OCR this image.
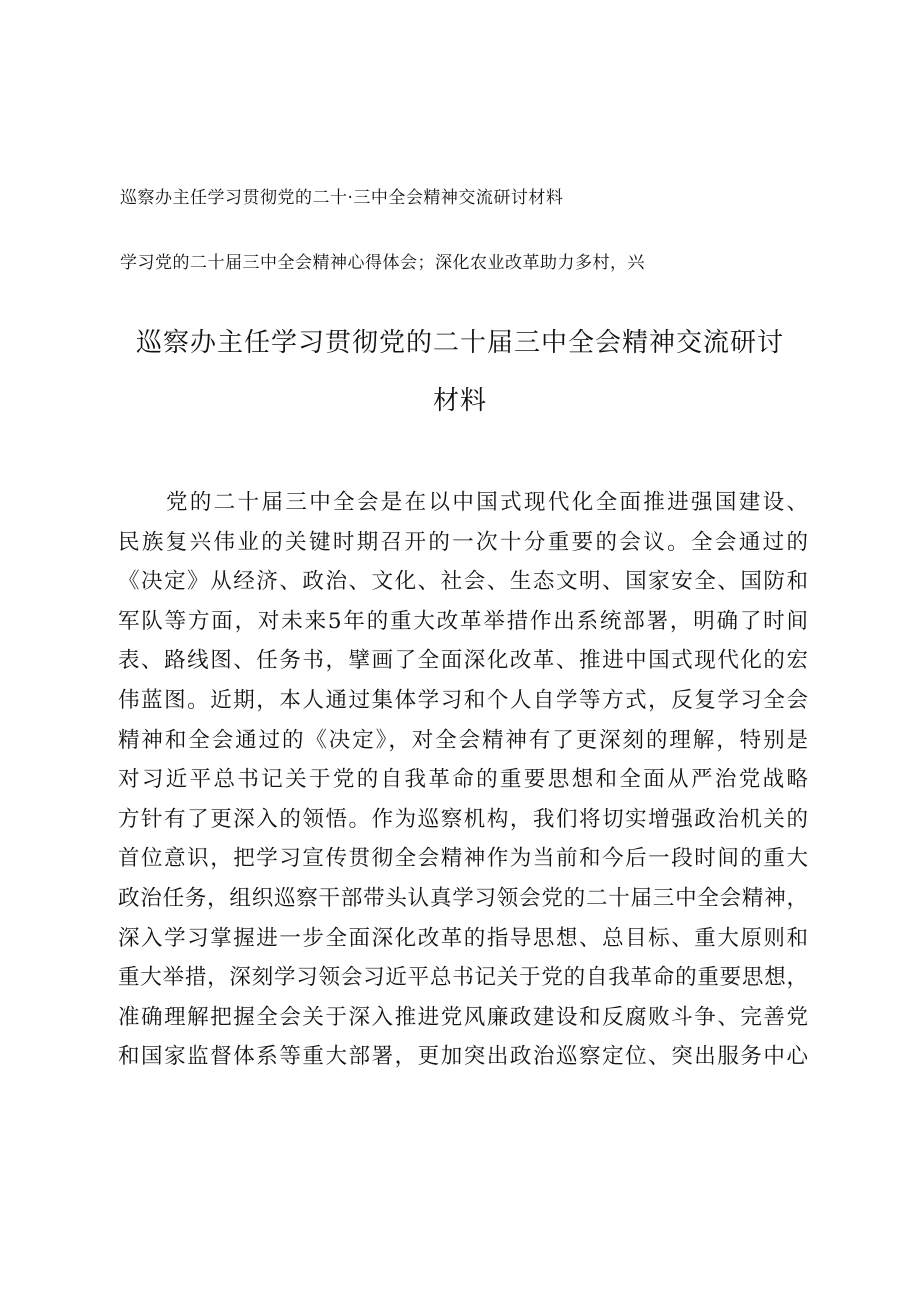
巡察办主任学习贯彻党的二十·三中全会精神交流研讨材料
学习党的二十届三中全会精神心得体会；深化农业改革助力多村，兴
巡察办主任学习贯彻党的二十届三中全会精神交流研讨
材料
党的二十届三中全会是在以中国式现代化全面推进强国建设、
民族复兴伟业的关键时期召开的一次十分重要的会议。全会通过的
《决定》从经济、政治、文化、社会、生态文明、国家安全、国防和
军队等方面，对未来5年的重大改革举措作出系统部署，明确了时间
表、路线图、任务书，擘画了全面深化改革、推进中国式现代化的宏
伟蓝图。近期，本人通过集体学习和个人自学等方式，反复学习全会
精神和全会通过的《决定》，对全会精神有了更深刻的理解，特别是
对习近平总书记关于党的自我革命的重要思想和全面从严治党战略
方针有了更深入的领悟。作为巡察机构，我们将切实增强政治机关的
首位意识，把学习宣传贯彻全会精神作为当前和今后一段时间的重大
政治任务，组织巡察干部带头认真学习领会党的二十届三中全会精神，
深入学习掌握进一步全面深化改革的指导思想、总目标、重大原则和
重大举措，深刻学习领会习近平总书记关于党的自我革命的重要思想，
准确理解把握全会关于深入推进党风廉政建设和反腐败斗争、完善党
和国家监督体系等重大部署，更加突出政治巡察定位、突出服务中心
